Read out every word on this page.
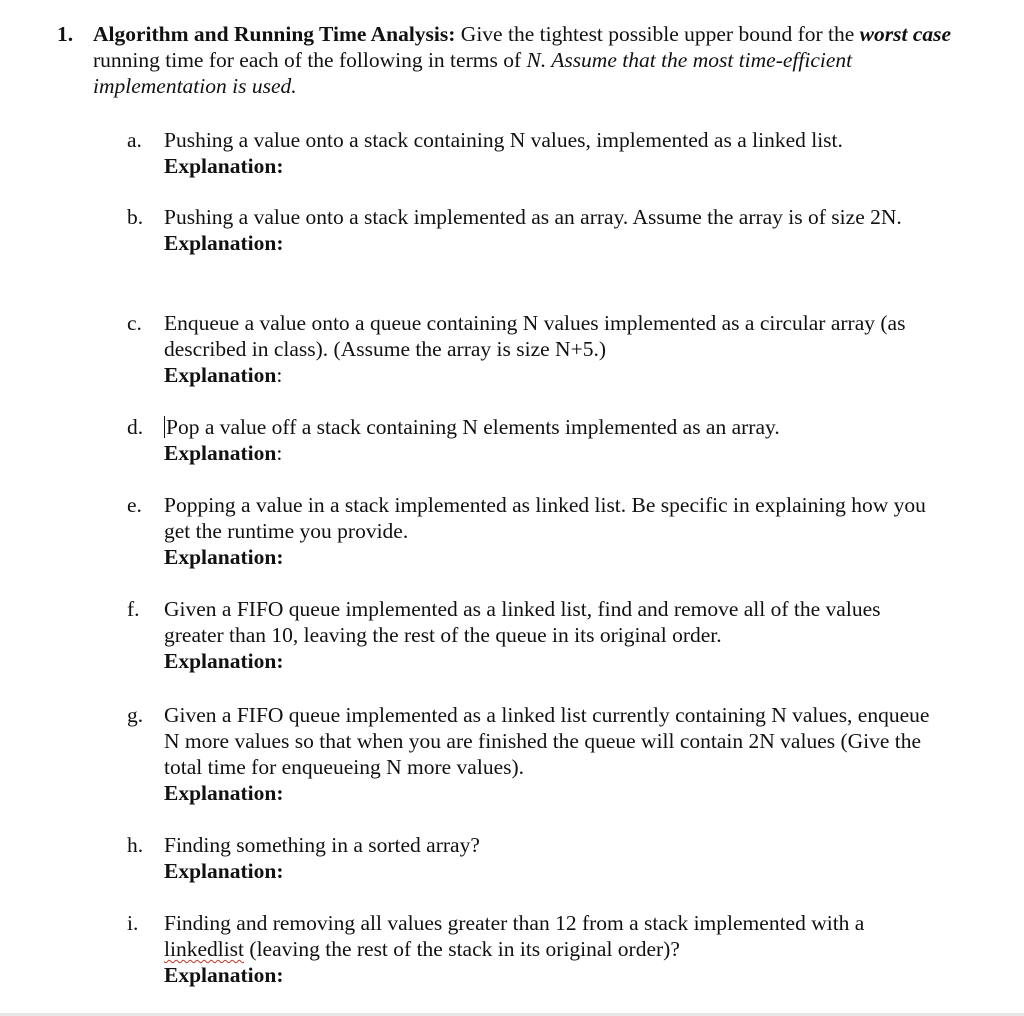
1. Algorithm and Running Time Analysis: Give the tightest possible upper bound for the worst case running time for each of the following in terms of N. Assume that the most time-efficient implementation is used.
a. Pushing a value onto a stack containing N values, implemented as a linked list.
Explanation:
b. Pushing a value onto a stack implemented as an array. Assume the array is of size 2N.
Explanation:
c. Enqueue a value onto a queue containing N values implemented as a circular array (as described in class). (Assume the array is size N+5.)
Explanation:
d. Pop a value off a stack containing N elements implemented as an array.
Explanation:
e. Popping a value in a stack implemented as linked list. Be specific in explaining how you get the runtime you provide.
Explanation:
f. Given a FIFO queue implemented as a linked list, find and remove all of the values greater than 10, leaving the rest of the queue in its original order.
Explanation:
g. Given a FIFO queue implemented as a linked list currently containing N values, enqueue N more values so that when you are finished the queue will contain 2N values (Give the total time for enqueueing N more values).
Explanation:
h. Finding something in a sorted array?
Explanation:
i. Finding and removing all values greater than 12 from a stack implemented with a linkedlist (leaving the rest of the stack in its original order)?
Explanation:
